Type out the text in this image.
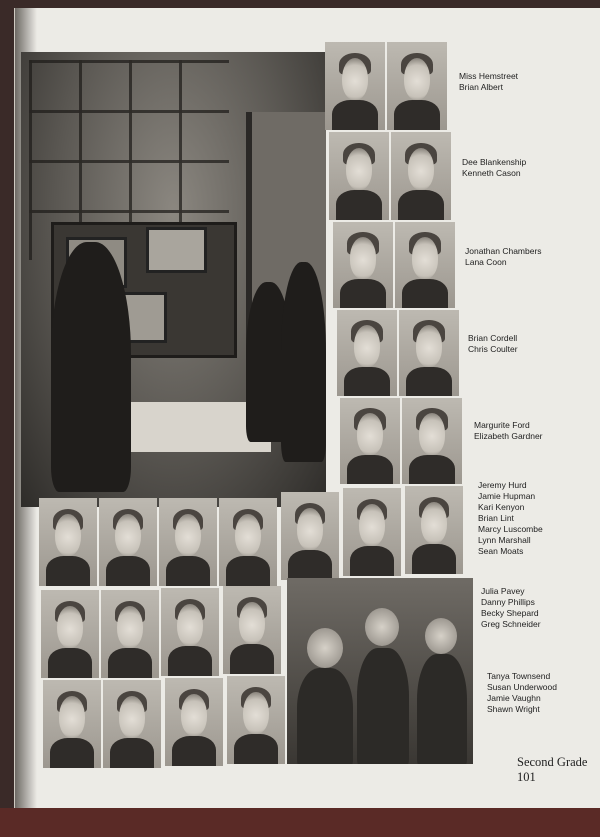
Miss Hemstreet
Brian Albert
Dee Blankenship
Kenneth Cason
Jonathan Chambers
Lana Coon
Brian Cordell
Chris Coulter
Margurite Ford
Elizabeth Gardner
Jeremy Hurd
Jamie Hupman
Kari Kenyon
Brian Lint
Marcy Luscombe
Lynn Marshall
Sean Moats
Julia Pavey
Danny Phillips
Becky Shepard
Greg Schneider
Tanya Townsend
Susan Underwood
Jamie Vaughn
Shawn Wright
Second Grade 101
